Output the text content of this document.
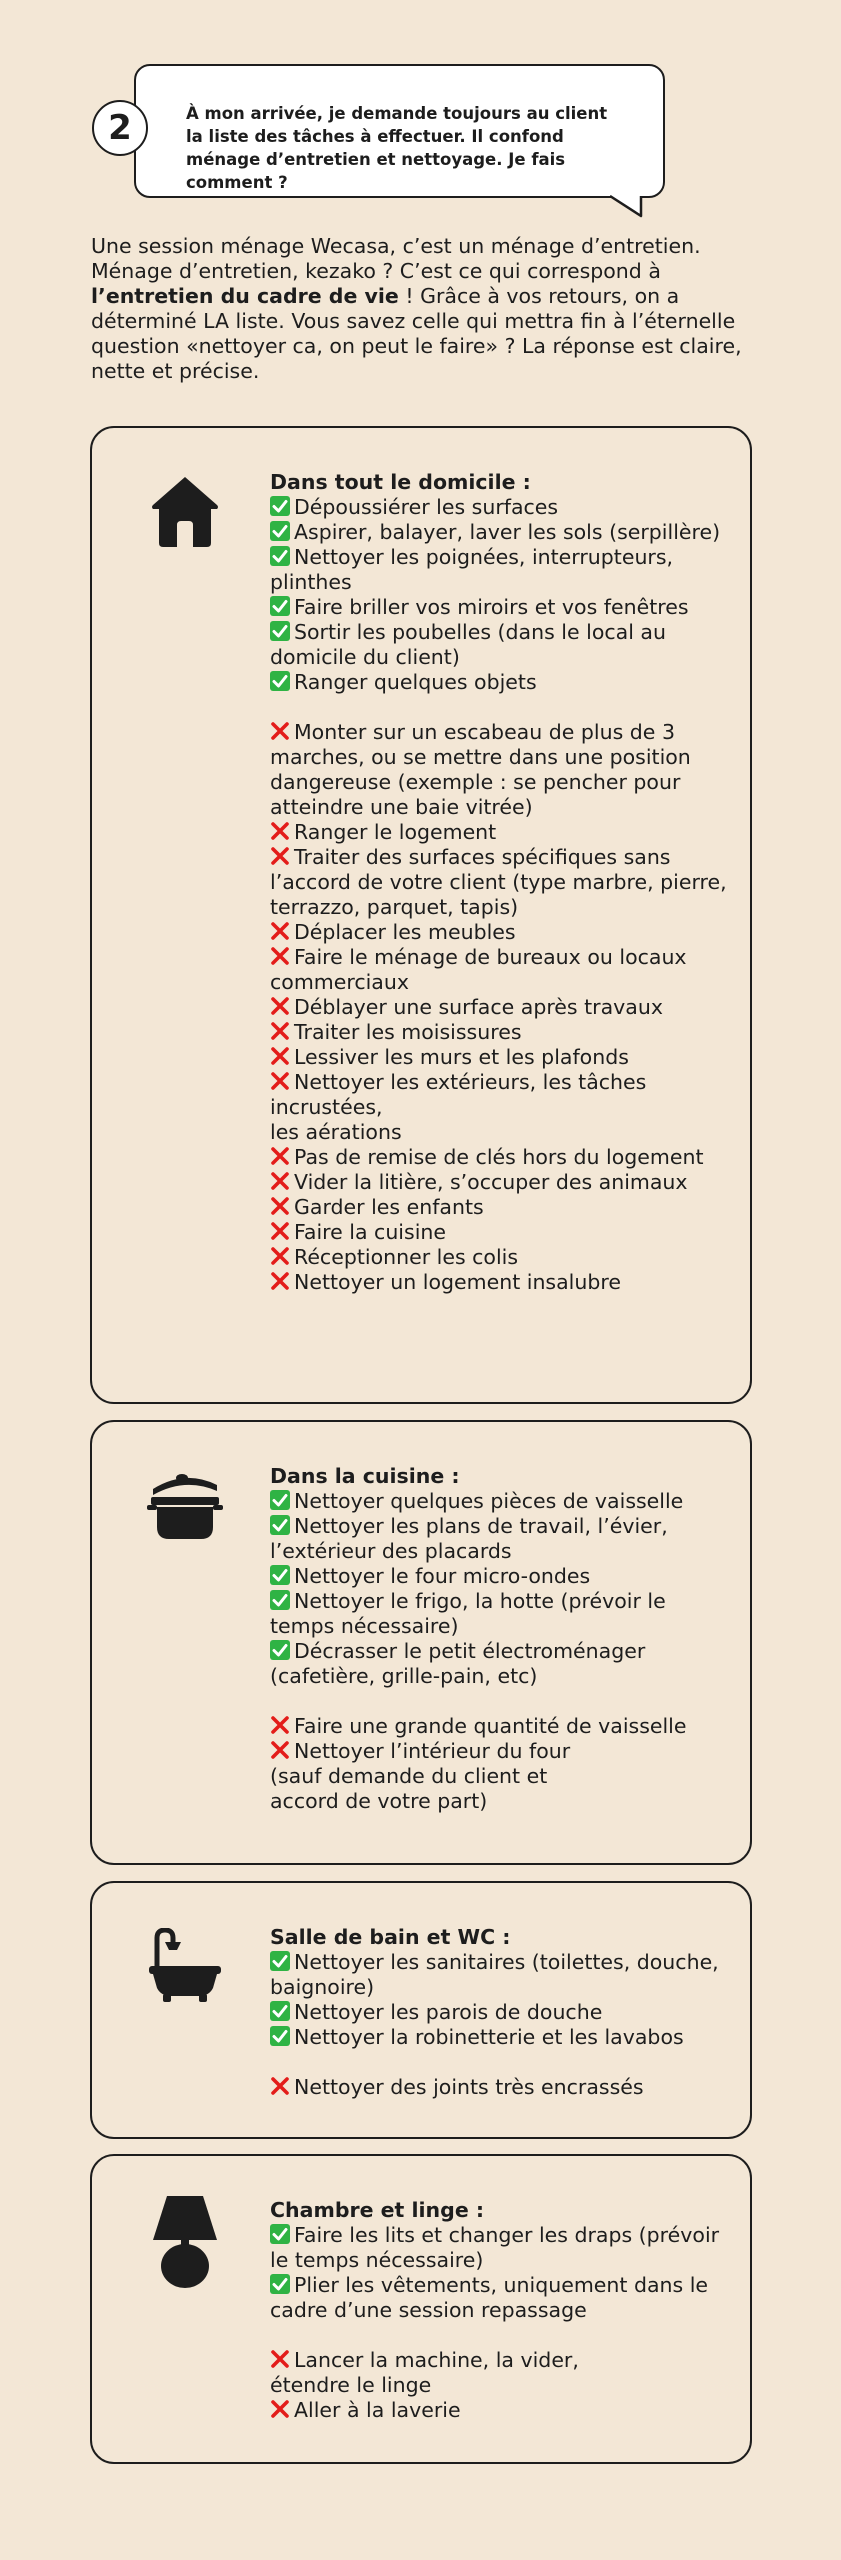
À mon arrivée, je demande toujours au client la liste des tâches à effectuer. Il confond ménage d’entretien et nettoyage. Je fais comment ?
2
Une session ménage Wecasa, c’est un ménage d’entretien. Ménage d’entretien, kezako ? C’est ce qui correspond à l’entretien du cadre de vie ! Grâce à vos retours, on a déterminé LA liste. Vous savez celle qui mettra fin à l’éternelle question «nettoyer ca, on peut le faire» ? La réponse est claire, nette et précise.
Dans tout le domicile :
Dépoussiérer les surfaces
Aspirer, balayer, laver les sols (serpillère)
Nettoyer les poignées, interrupteurs, plinthes
Faire briller vos miroirs et vos fenêtres
Sortir les poubelles (dans le local au domicile du client)
Ranger quelques objets
Monter sur un escabeau de plus de 3 marches, ou se mettre dans une position dangereuse (exemple : se pencher pour atteindre une baie vitrée)
Ranger le logement
Traiter des surfaces spécifiques sans l’accord de votre client (type marbre, pierre, terrazzo, parquet, tapis)
Déplacer les meubles
Faire le ménage de bureaux ou locaux commerciaux
Déblayer une surface après travaux
Traiter les moisissures
Lessiver les murs et les plafonds
Nettoyer les extérieurs, les tâches incrustées,
les aérations
Pas de remise de clés hors du logement
Vider la litière, s’occuper des animaux
Garder les enfants
Faire la cuisine
Réceptionner les colis
Nettoyer un logement insalubre
Dans la cuisine :
Nettoyer quelques pièces de vaisselle
Nettoyer les plans de travail, l’évier, l’extérieur des placards
Nettoyer le four micro-ondes
Nettoyer le frigo, la hotte (prévoir le temps nécessaire)
Décrasser le petit électroménager (cafetière, grille-pain, etc)
Faire une grande quantité de vaisselle
Nettoyer l’intérieur du four
(sauf demande du client et
accord de votre part)
Salle de bain et WC :
Nettoyer les sanitaires (toilettes, douche, baignoire)
Nettoyer les parois de douche
Nettoyer la robinetterie et les lavabos
Nettoyer des joints très encrassés
Chambre et linge :
Faire les lits et changer les draps (prévoir le temps nécessaire)
Plier les vêtements, uniquement dans le cadre d’une session repassage
Lancer la machine, la vider,
étendre le linge
Aller à la laverie
